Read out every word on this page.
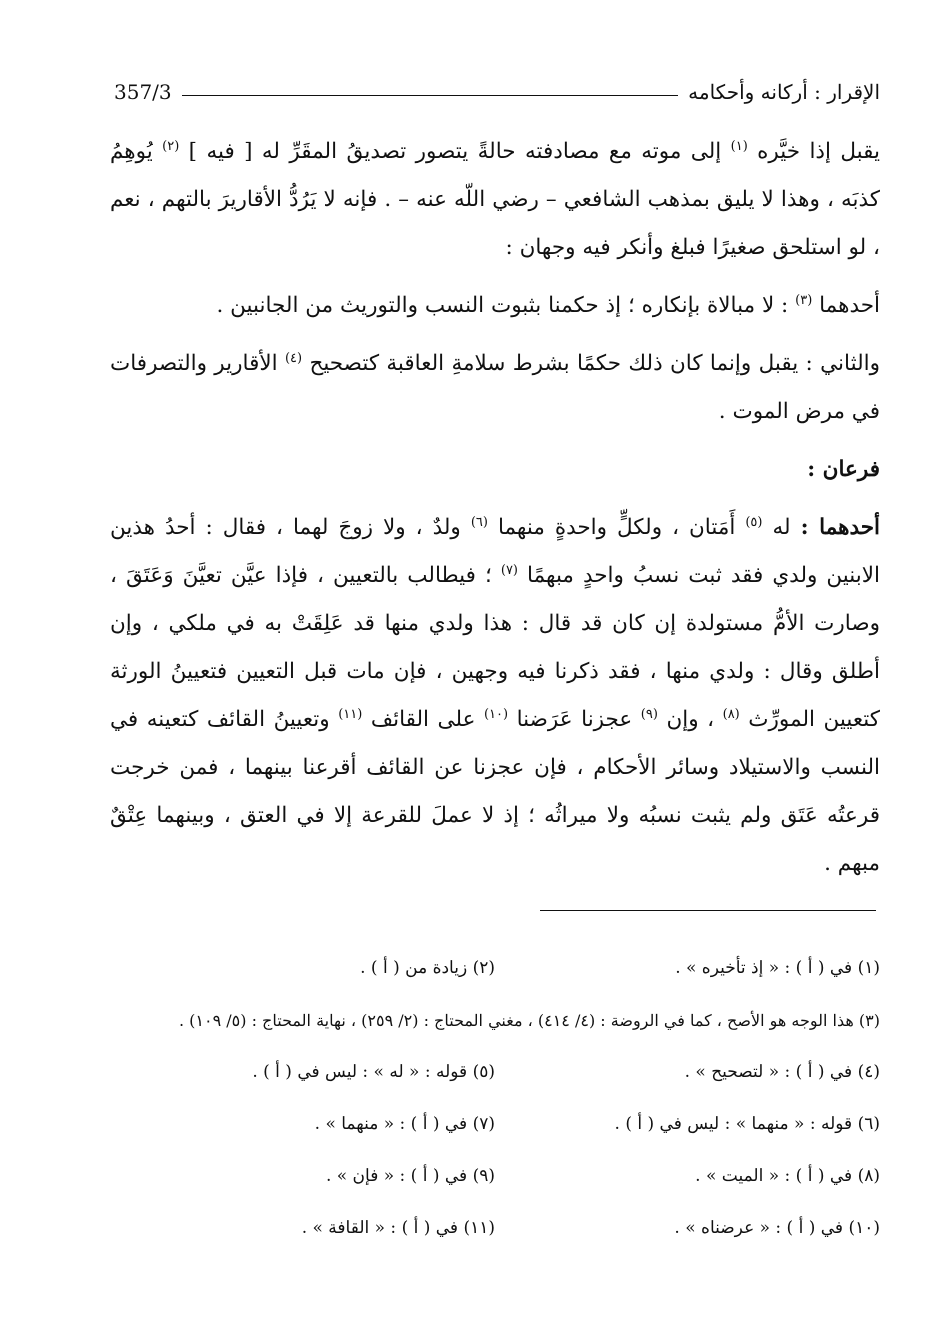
الإقرار : أركانه وأحكامه
357/3

يقبل إذا خيَّره $^{(١)}$ إلى موته مع مصادفته حالةً يتصور تصديقُ المقَرِّ له [ فيه ] $^{(٢)}$ يُوهِمُ كذبَه ، وهذا لا يليق بمذهب الشافعي – رضي اللّه عنه – . فإنه لا يَرُدُّ الأقاريرَ بالتهم ، نعم ، لو استلحق صغيرًا فبلغ وأنكر فيه وجهان :

أحدهما $^{(٣)}$ : لا مبالاة بإنكاره ؛ إذ حكمنا بثبوت النسب والتوريث من الجانبين .

والثاني : يقبل وإنما كان ذلك حكمًا بشرط سلامةِ العاقبة كتصحيح $^{(٤)}$ الأقارير والتصرفات في مرض الموت .

فرعان :

أحدهما : له $^{(٥)}$ أَمَتان ، ولكلٍّ واحدةٍ منهما $^{(٦)}$ ولدٌ ، ولا زوجَ لهما ، فقال : أحدُ هذين الابنين ولدي فقد ثبت نسبُ واحدٍ مبهمًا $^{(٧)}$ ؛ فيطالب بالتعيين ، فإذا عيَّن تعيَّنَ وَعَتَقَ ، وصارت الأمُّ مستولدة إن كان قد قال : هذا ولدي منها قد عَلِقَتْ به في ملكي ، وإن أطلق وقال : ولدي منها ، فقد ذكرنا فيه وجهين ، فإن مات قبل التعيين فتعيينُ الورثة كتعيين المورِّث $^{(٨)}$ ، وإن $^{(٩)}$ عجزنا عَرَضنا $^{(١٠)}$ على القائف $^{(١١)}$ وتعيينُ القائف كتعينه في النسب والاستيلاد وسائر الأحكام ، فإن عجزنا عن القائف أقرعنا بينهما ، فمن خرجت قرعتُه عَتَق ولم يثبت نسبُه ولا ميراثُه ؛ إذ لا عملَ للقرعة إلا في العتق ، وبينهما عِتْقٌ مبهم .

(١) في ( أ ) : « إذ تأخيره » .
(٢) زيادة من ( أ ) .
(٣) هذا الوجه هو الأصح ، كما في الروضة : (٤/ ٤١٤) ، مغني المحتاج : (٢/ ٢٥٩) ، نهاية المحتاج : (٥/ ١٠٩) .
(٤) في ( أ ) : « لتصحيح » .
(٥) قوله : « له » : ليس في ( أ ) .
(٦) قوله : « منهما » : ليس في ( أ ) .
(٧) في ( أ ) : « منهما » .
(٨) في ( أ ) : « الميت » .
(٩) في ( أ ) : « فإن » .
(١٠) في ( أ ) : « عرضناه » .
(١١) في ( أ ) : « القافة » .
